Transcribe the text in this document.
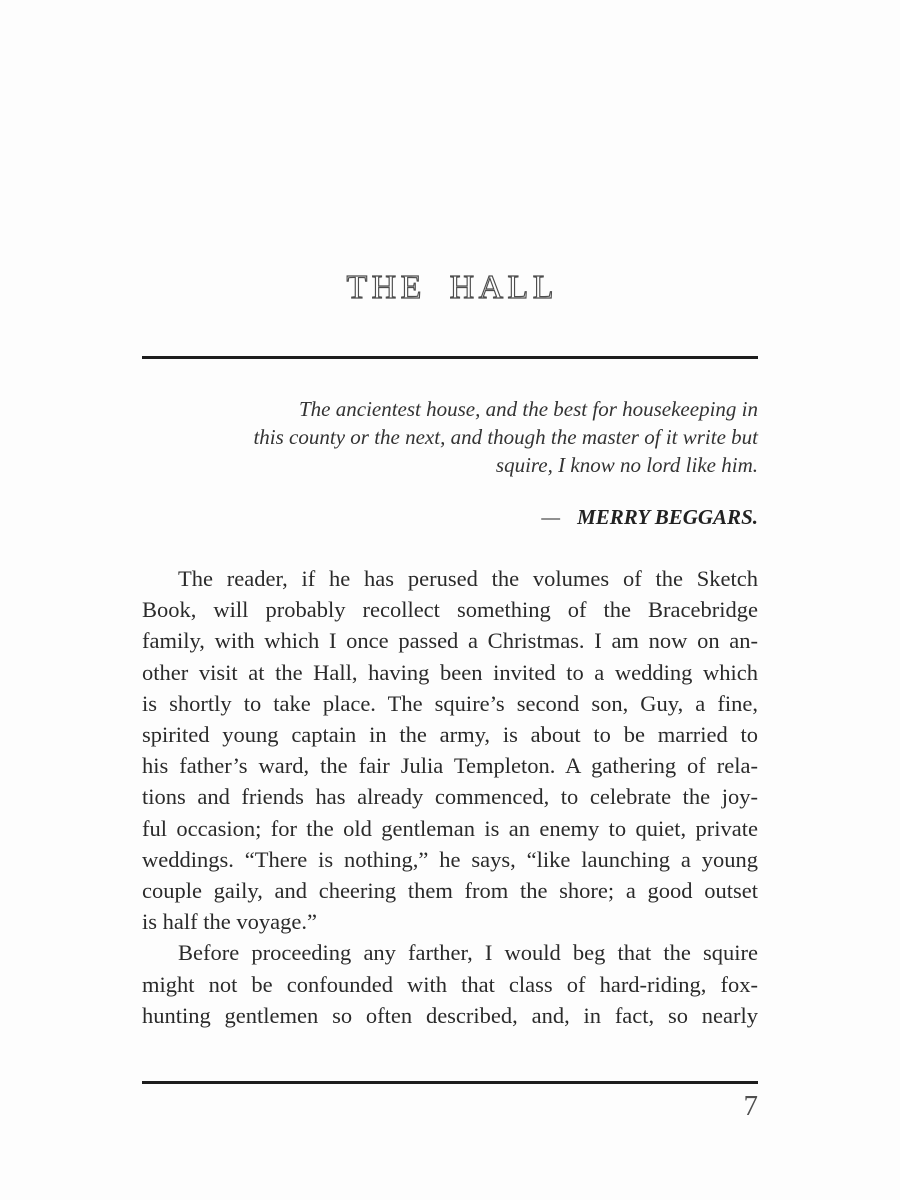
THE HALL
The ancientest house, and the best for housekeeping in
this county or the next, and though the master of it write but
squire, I know no lord like him.
— MERRY BEGGARS.
The reader, if he has perused the volumes of the Sketch
Book, will probably recollect something of the Bracebridge
family, with which I once passed a Christmas. I am now on an-
other visit at the Hall, having been invited to a wedding which
is shortly to take place. The squire’s second son, Guy, a fine,
spirited young captain in the army, is about to be married to
his father’s ward, the fair Julia Templeton. A gathering of rela-
tions and friends has already commenced, to celebrate the joy-
ful occasion; for the old gentleman is an enemy to quiet, private
weddings. “There is nothing,” he says, “like launching a young
couple gaily, and cheering them from the shore; a good outset
is half the voyage.”
Before proceeding any farther, I would beg that the squire
might not be confounded with that class of hard-riding, fox-
hunting gentlemen so often described, and, in fact, so nearly
7
